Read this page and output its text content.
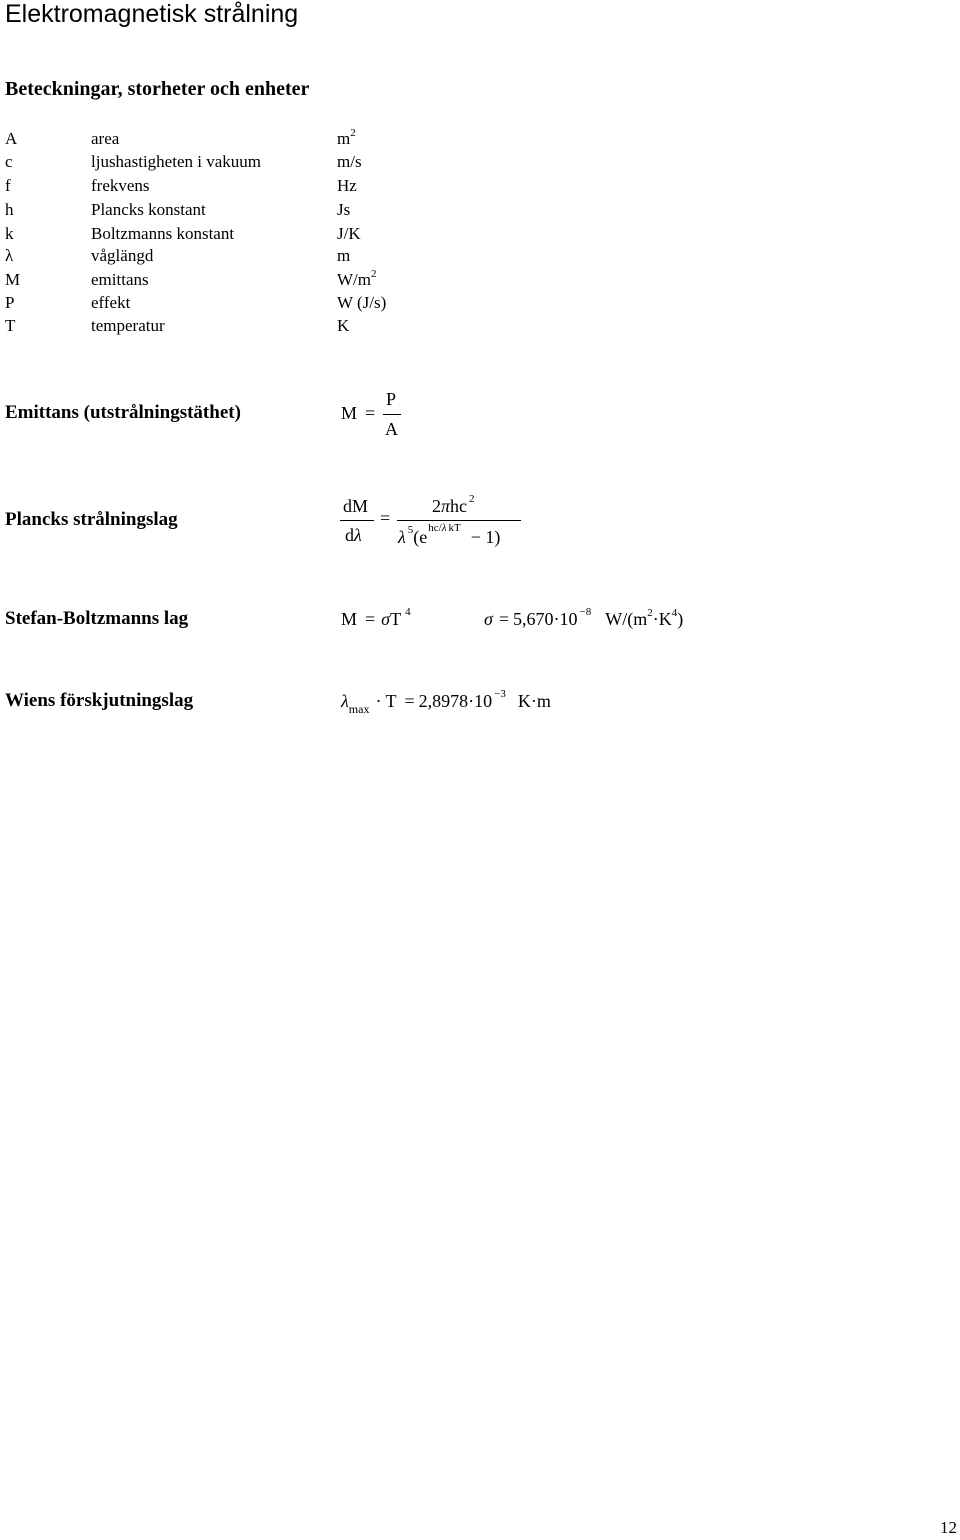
Elektromagnetisk strålning
Beteckningar, storheter och enheter
A	area	$m^2$
c	ljushastigheten i vakuum	m/s
f	frekvens	Hz
h	Plancks konstant	Js
k	Boltzmanns konstant	J/K
λ	våglängd	m
M	emittans	$W/m^2$
P	effekt	W (J/s)
T	temperatur	K
Emittans (utstrålningstäthet)	M =
P
A
Plancks strålningslag
dM
dλ
=
2πhc $^2$
λ $^5(e^{hc/\lambda kT} - 1)$
Stefan-Boltzmanns lag	M = σT $^4$	σ = 5,670·10 $^{-8}$ $W/(m^2\cdot K^4)$
Wiens förskjutningslag	$\lambda_{max} \cdot T = 2,8978\cdot 10$ $^{-3}$ K·m
12
